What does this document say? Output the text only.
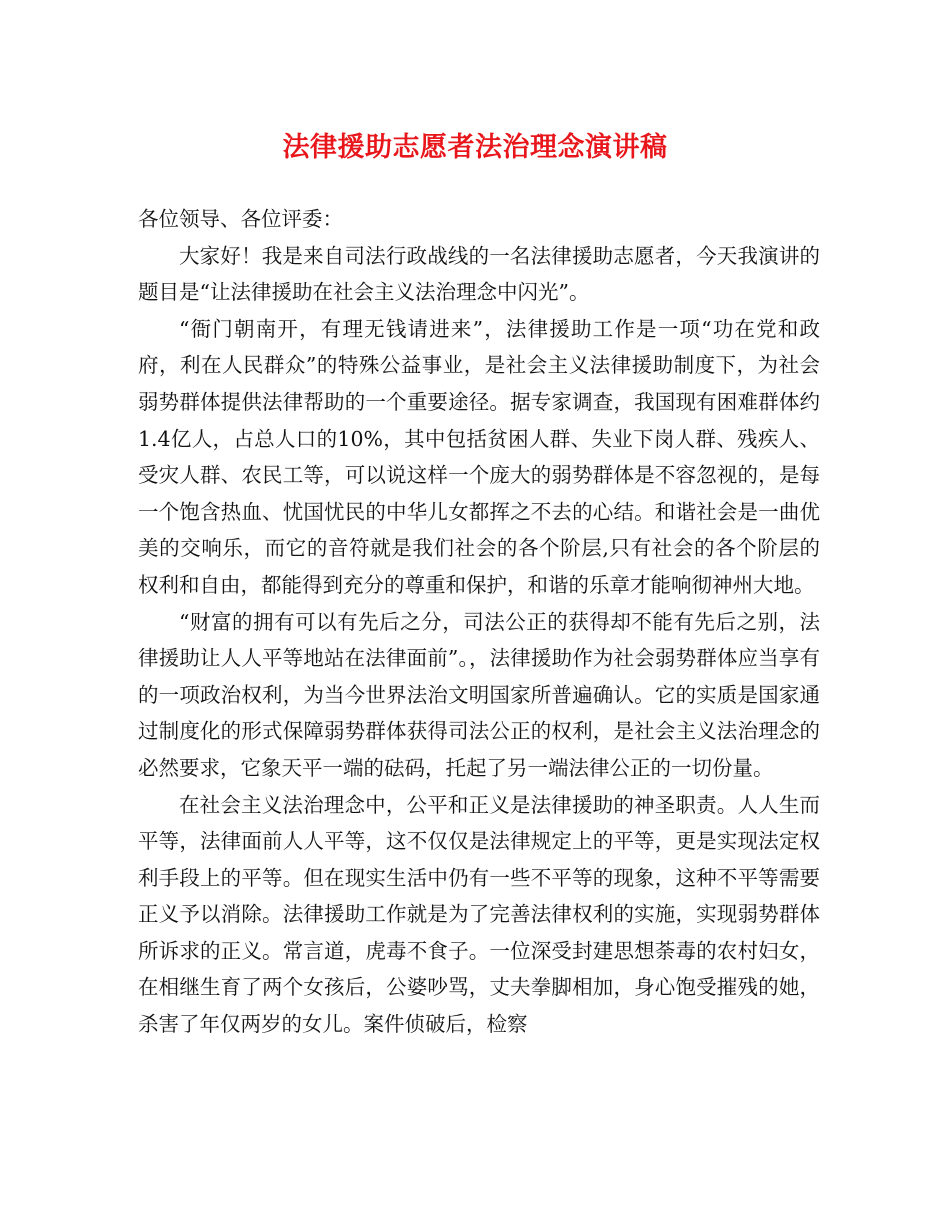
法律援助志愿者法治理念演讲稿

各位领导、各位评委：

大家好！我是来自司法行政战线的一名法律援助志愿者，今天我演讲的题目是“让法律援助在社会主义法治理念中闪光”。

“衙门朝南开，有理无钱请进来”，法律援助工作是一项“功在党和政府，利在人民群众”的特殊公益事业，是社会主义法律援助制度下，为社会弱势群体提供法律帮助的一个重要途径。据专家调查，我国现有困难群体约1.4亿人，占总人口的10%，其中包括贫困人群、失业下岗人群、残疾人、受灾人群、农民工等，可以说这样一个庞大的弱势群体是不容忽视的，是每一个饱含热血、忧国忧民的中华儿女都挥之不去的心结。和谐社会是一曲优美的交响乐，而它的音符就是我们社会的各个阶层,只有社会的各个阶层的权利和自由，都能得到充分的尊重和保护，和谐的乐章才能响彻神州大地。

“财富的拥有可以有先后之分，司法公正的获得却不能有先后之别，法律援助让人人平等地站在法律面前”。，法律援助作为社会弱势群体应当享有的一项政治权利，为当今世界法治文明国家所普遍确认。它的实质是国家通过制度化的形式保障弱势群体获得司法公正的权利，是社会主义法治理念的必然要求，它象天平一端的砝码，托起了另一端法律公正的一切份量。

在社会主义法治理念中，公平和正义是法律援助的神圣职责。人人生而平等，法律面前人人平等，这不仅仅是法律规定上的平等，更是实现法定权利手段上的平等。但在现实生活中仍有一些不平等的现象，这种不平等需要正义予以消除。法律援助工作就是为了完善法律权利的实施，实现弱势群体所诉求的正义。常言道，虎毒不食子。一位深受封建思想荼毒的农村妇女，在相继生育了两个女孩后，公婆吵骂，丈夫拳脚相加，身心饱受摧残的她，杀害了年仅两岁的女儿。案件侦破后，检察
